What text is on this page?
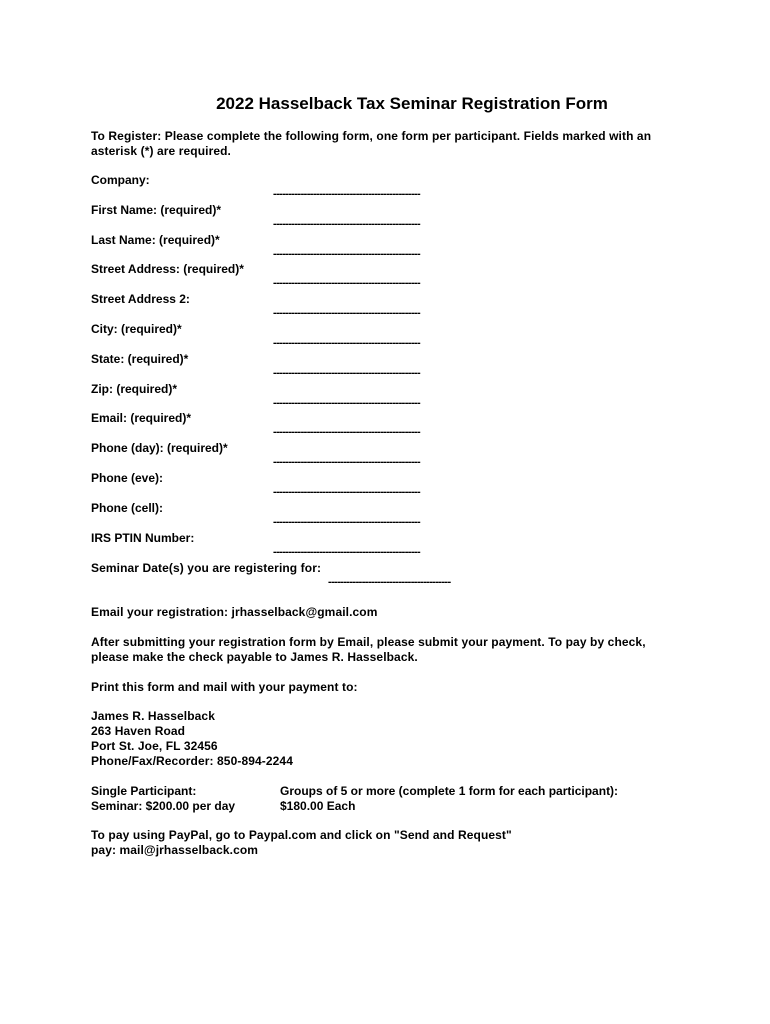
2022 Hasselback Tax Seminar Registration Form
To Register: Please complete the following form, one form per participant. Fields marked with an asterisk (*) are required.
Company:
------------------------------------------------
First Name: (required)*
------------------------------------------------
Last Name: (required)*
------------------------------------------------
Street Address: (required)*
------------------------------------------------
Street Address 2:
------------------------------------------------
City: (required)*
------------------------------------------------
State: (required)*
------------------------------------------------
Zip: (required)*
------------------------------------------------
Email: (required)*
------------------------------------------------
Phone (day): (required)*
------------------------------------------------
Phone (eve):
------------------------------------------------
Phone (cell):
------------------------------------------------
IRS PTIN Number:
------------------------------------------------
Seminar Date(s) you are registering for:
----------------------------------------
Email your registration: jrhasselback@gmail.com
After submitting your registration form by Email, please submit your payment. To pay by check, please make the check payable to James R. Hasselback.
Print this form and mail with your payment to:
James R. Hasselback
263 Haven Road
Port St. Joe, FL 32456
Phone/Fax/Recorder: 850-894-2244
Single Participant:
Seminar: $200.00 per day
Groups of 5 or more (complete 1 form for each participant):
$180.00 Each
To pay using PayPal, go to Paypal.com and click on "Send and Request"
pay: mail@jrhasselback.com
